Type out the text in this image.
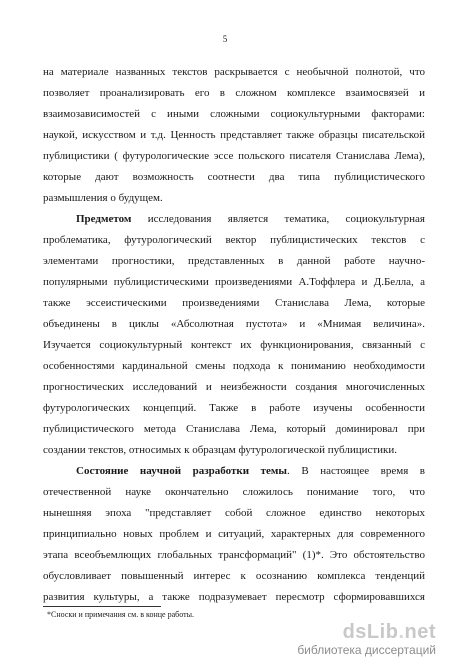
5
на материале названных текстов раскрывается с необычной полнотой, что
позволяет проанализировать его в сложном комплексе взаимосвязей и
взаимозависимостей с иными сложными социокультурными факторами:
наукой, искусством и т.д. Ценность представляет также образцы писательской
публицистики ( футурологические эссе польского писателя Станислава Лема),
которые дают возможность соотнести два типа публицистического
размышления о будущем.
Предметом исследования является тематика, социокультурная
проблематика, футурологический вектор публицистических текстов с
элементами прогностики, представленных в данной работе научно-
популярными публицистическими произведениями А.Тоффлера и Д.Белла, а
также эссеистическими произведениями Станислава Лема, которые
объединены в циклы «Абсолютная пустота» и «Мнимая величина».
Изучается социокультурный контекст их функционирования, связанный с
особенностями кардинальной смены подхода к пониманию необходимости
прогностических исследований и неизбежности создания многочисленных
футурологических концепций. Также в работе изучены особенности
публицистического метода Станислава Лема, который доминировал при
создании текстов, относимых к образцам футурологической публицистики.
Состояние научной разработки темы. В настоящее время в
отечественной науке окончательно сложилось понимание того, что
нынешняя эпоха "представляет собой сложное единство некоторых
принципиально новых проблем и ситуаций, характерных для современного
этапа всеобъемлющих глобальных трансформаций" (1)*. Это обстоятельство
обусловливает повышенный интерес к осознанию комплекса тенденций
развития культуры, а также подразумевает пересмотр сформировавшихся
*Сноски и примечания см. в конце работы.
dsLib.net
библиотека диссертаций
